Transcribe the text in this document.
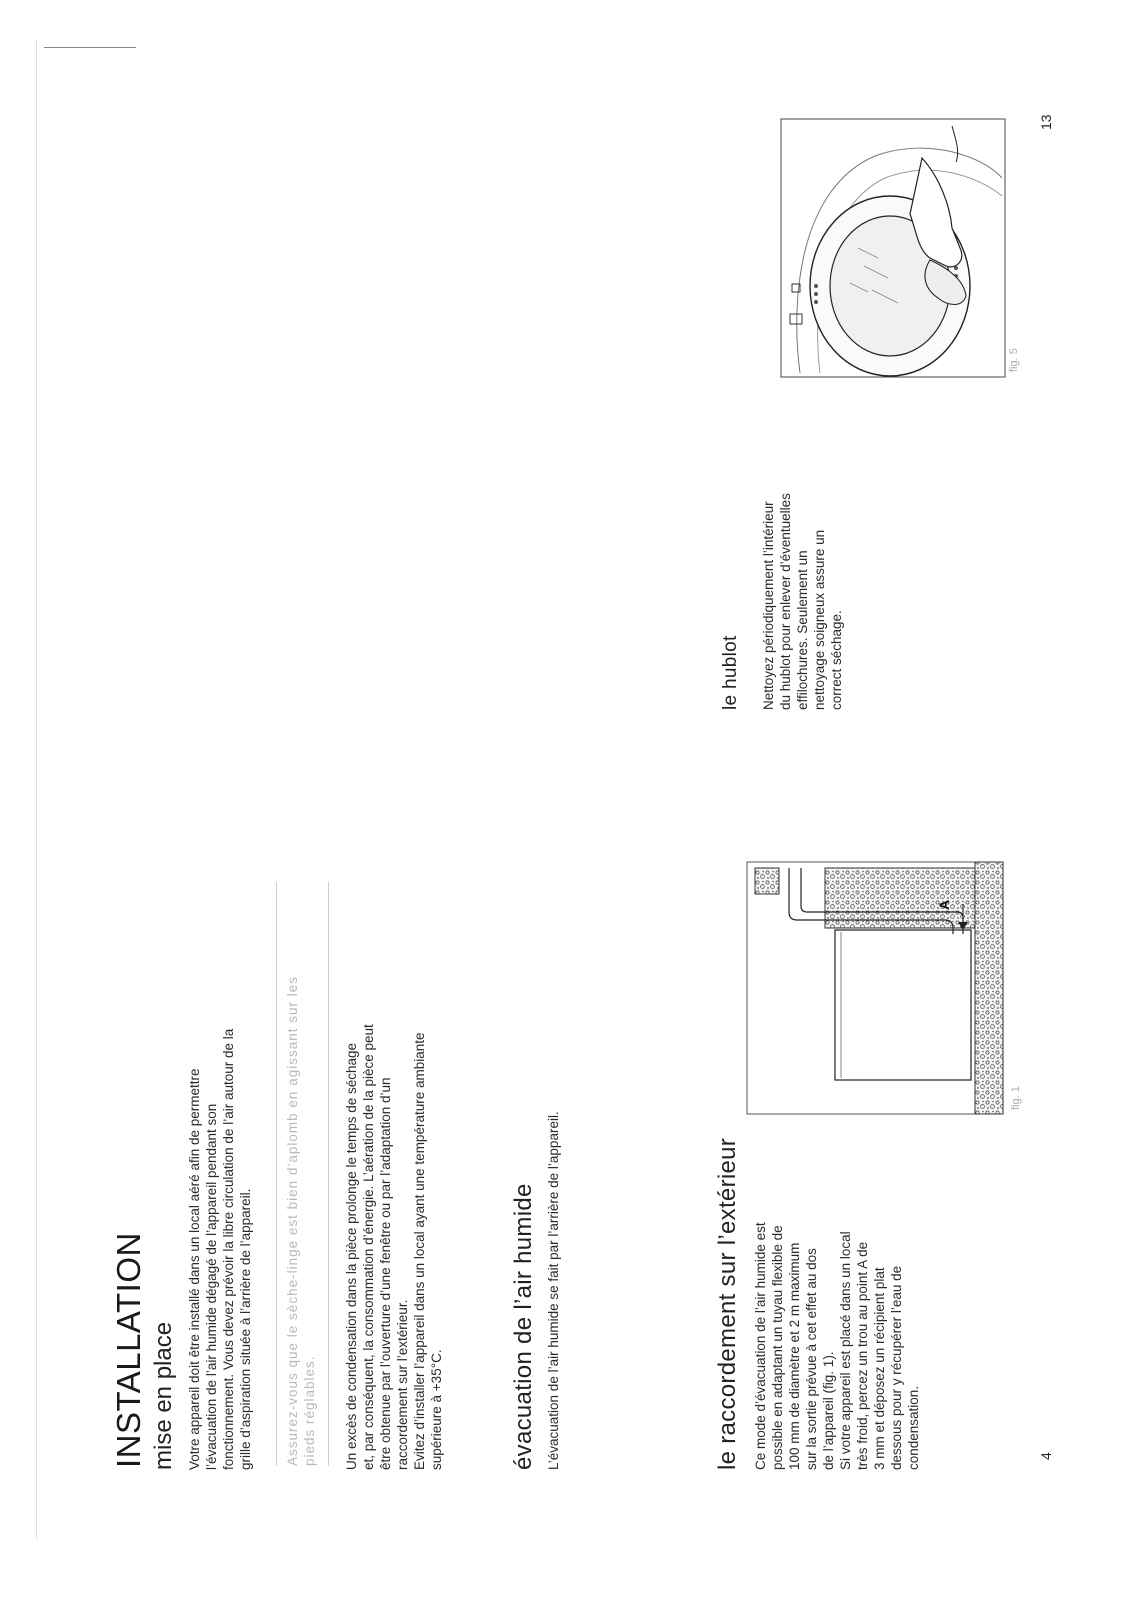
INSTALLATION mise en place Votre appareil doit être installé dans un local aéré afin de permettre l’évacuation de l’air humide dégagé de l’appareil pendant son fonctionnement. Vous devez prévoir la libre circulation de l’air autour de la grille d’aspiration située à l’arrière de l’appareil. Assurez-vous que le sèche-linge est bien d’aplomb en agissant sur les pieds réglables. Un excès de condensation dans la pièce prolonge le temps de séchage et, par conséquent, la consommation d’énergie. L’aération de la pièce peut être obtenue par l’ouverture d’une fenêtre ou par l’adaptation d’un raccordement sur l’extérieur. Evitez d’installer l’appareil dans un local ayant une température ambiante supérieure à +35°C.	évacuation de l’air humide L’évacuation de l’air humide se fait par l’arrière de l’appareil.	le raccordement sur l’extérieur Ce mode d’évacuation de l’air humide est possible en adaptant un tuyau flexible de 100 mm de diamètre et 2 m maximum sur la sortie prévue à cet effet au dos de l’appareil (fig. 1). Si votre appareil est placé dans un local très froid, percez un trou au point A de 3 mm et déposez un récipient plat dessous pour y récupérer l’eau de condensation.
A
fig. 1
4
le hublot Nettoyez périodiquement l’intérieur du hublot pour enlever d’éventuelles effilochures. Seulement un nettoyage soigneux assure un correct séchage.
fig. 5
13
